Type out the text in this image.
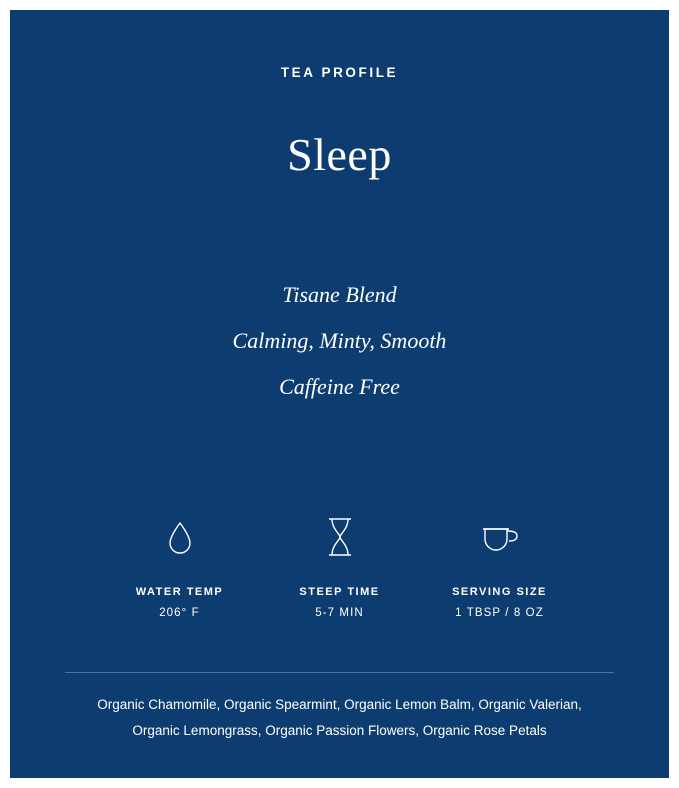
TEA PROFILE
Sleep
Tisane Blend
Calming, Minty, Smooth
Caffeine Free
WATER TEMP
206° F
STEEP TIME
5-7 MIN
SERVING SIZE
1 TBSP / 8 OZ
Organic Chamomile, Organic Spearmint, Organic Lemon Balm, Organic Valerian,
Organic Lemongrass, Organic Passion Flowers, Organic Rose Petals
